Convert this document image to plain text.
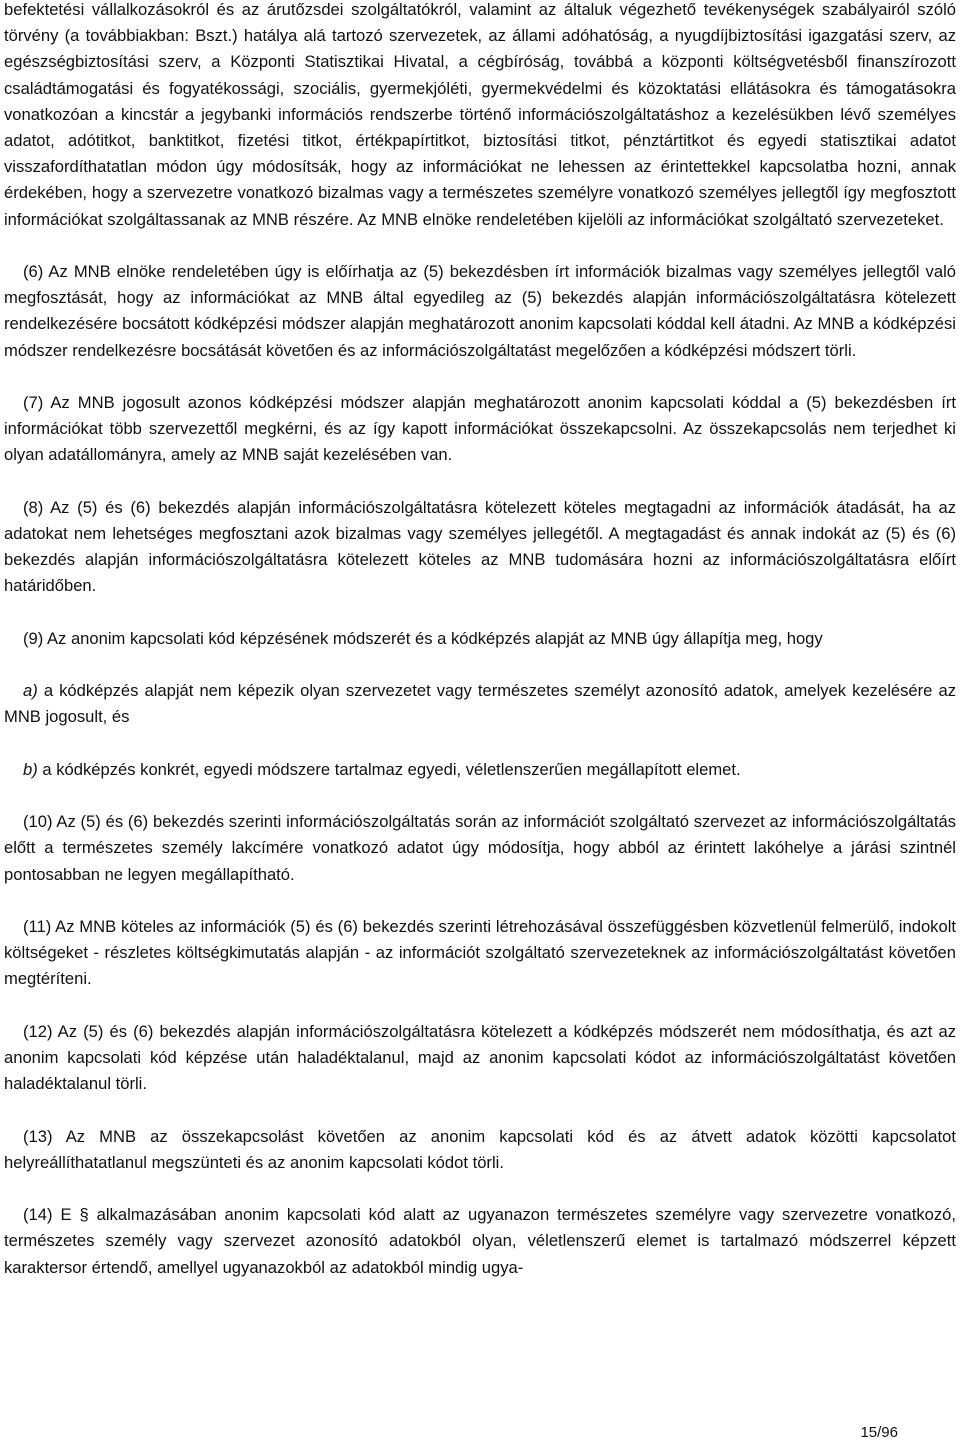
befektetési vállalkozásokról és az árutőzsdei szolgáltatókról, valamint az általuk végezhető tevékenységek szabályairól szóló törvény (a továbbiakban: Bszt.) hatálya alá tartozó szervezetek, az állami adóhatóság, a nyugdíjbiztosítási igazgatási szerv, az egészségbiztosítási szerv, a Központi Statisztikai Hivatal, a cégbíróság, továbbá a központi költségvetésből finanszírozott családtámogatási és fogyatékossági, szociális, gyermekjóléti, gyermekvédelmi és közoktatási ellátásokra és támogatásokra vonatkozóan a kincstár a jegybanki információs rendszerbe történő információszolgáltatáshoz a kezelésükben lévő személyes adatot, adótitkot, banktitkot, fizetési titkot, értékpapírtitkot, biztosítási titkot, pénztártitkot és egyedi statisztikai adatot visszafordíthatatlan módon úgy módosítsák, hogy az információkat ne lehessen az érintettekkel kapcsolatba hozni, annak érdekében, hogy a szervezetre vonatkozó bizalmas vagy a természetes személyre vonatkozó személyes jellegtől így megfosztott információkat szolgáltassanak az MNB részére. Az MNB elnöke rendeletében kijelöli az információkat szolgáltató szervezeteket.

(6) Az MNB elnöke rendeletében úgy is előírhatja az (5) bekezdésben írt információk bizalmas vagy személyes jellegtől való megfosztását, hogy az információkat az MNB által egyedileg az (5) bekezdés alapján információszolgáltatásra kötelezett rendelkezésére bocsátott kódképzési módszer alapján meghatározott anonim kapcsolati kóddal kell átadni. Az MNB a kódképzési módszer rendelkezésre bocsátását követően és az információszolgáltatást megelőzően a kódképzési módszert törli.

(7) Az MNB jogosult azonos kódképzési módszer alapján meghatározott anonim kapcsolati kóddal a (5) bekezdésben írt információkat több szervezettől megkérni, és az így kapott információkat összekapcsolni. Az összekapcsolás nem terjedhet ki olyan adatállományra, amely az MNB saját kezelésében van.

(8) Az (5) és (6) bekezdés alapján információszolgáltatásra kötelezett köteles megtagadni az információk átadását, ha az adatokat nem lehetséges megfosztani azok bizalmas vagy személyes jellegétől. A megtagadást és annak indokát az (5) és (6) bekezdés alapján információszolgáltatásra kötelezett köteles az MNB tudomására hozni az információszolgáltatásra előírt határidőben.

(9) Az anonim kapcsolati kód képzésének módszerét és a kódképzés alapját az MNB úgy állapítja meg, hogy

a) a kódképzés alapját nem képezik olyan szervezetet vagy természetes személyt azonosító adatok, amelyek kezelésére az MNB jogosult, és

b) a kódképzés konkrét, egyedi módszere tartalmaz egyedi, véletlenszerűen megállapított elemet.

(10) Az (5) és (6) bekezdés szerinti információszolgáltatás során az információt szolgáltató szervezet az információszolgáltatás előtt a természetes személy lakcímére vonatkozó adatot úgy módosítja, hogy abból az érintett lakóhelye a járási szintnél pontosabban ne legyen megállapítható.

(11) Az MNB köteles az információk (5) és (6) bekezdés szerinti létrehozásával összefüggésben közvetlenül felmerülő, indokolt költségeket - részletes költségkimutatás alapján - az információt szolgáltató szervezeteknek az információszolgáltatást követően megtéríteni.

(12) Az (5) és (6) bekezdés alapján információszolgáltatásra kötelezett a kódképzés módszerét nem módosíthatja, és azt az anonim kapcsolati kód képzése után haladéktalanul, majd az anonim kapcsolati kódot az információszolgáltatást követően haladéktalanul törli.

(13) Az MNB az összekapcsolást követően az anonim kapcsolati kód és az átvett adatok közötti kapcsolatot helyreállíthatatlanul megszünteti és az anonim kapcsolati kódot törli.

(14) E § alkalmazásában anonim kapcsolati kód alatt az ugyanazon természetes személyre vagy szervezetre vonatkozó, természetes személy vagy szervezet azonosító adatokból olyan, véletlenszerű elemet is tartalmazó módszerrel képzett karaktersor értendő, amellyel ugyanazokból az adatokból mindig ugya-

15/96
